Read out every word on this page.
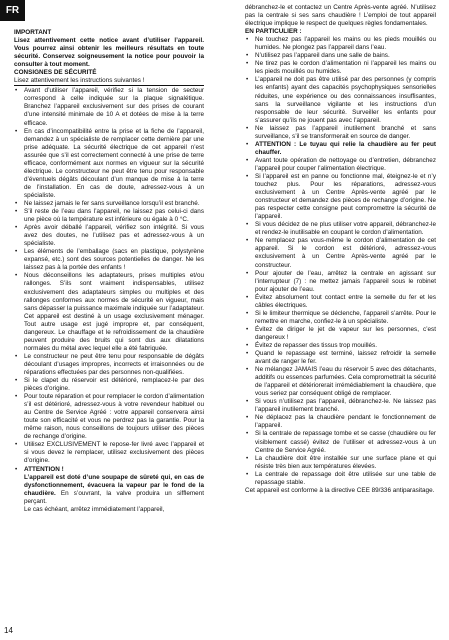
FR

IMPORTANT

Lisez attentivement cette notice avant d’utiliser l’appareil. Vous pourrez ainsi obtenir les meilleurs résultats en toute sécurité. Conservez soigneusement la notice pour pouvoir la consulter à tout moment.

CONSIGNES DE SÉCURITÉ

Lisez attentivement les instructions suivantes !

• Avant d’utiliser l’appareil, vérifiez si la tension de secteur correspond à celle indiquée sur la plaque signalétique. Branchez l’appareil exclusivement sur des prises de courant d’une intensité minimale de 10 A et dotées de mise à la terre efficace.
• En cas d’incompatibilité entre la prise et la fiche de l’appareil, demandez à un spécialiste de remplacer cette dernière par une prise adéquate. La sécurité électrique de cet appareil n’est assurée que s’il est correctement connecté à une prise de terre efficace, conformément aux normes en vigueur sur la sécurité électrique. Le constructeur ne peut être tenu pour responsable d’éventuels dégâts découlant d’un manque de mise à la terre de l’installation. En cas de doute, adressez-vous à un spécialiste.
• Ne laissez jamais le fer sans surveillance lorsqu’il est branché.
• S’il reste de l’eau dans l’appareil, ne laissez pas celui-ci dans une pièce où la température est inférieure ou égale à 0 °C.
• Après avoir déballé l’appareil, vérifiez son intégrité. Si vous avez des doutes, ne l’utilisez pas et adressez-vous à un spécialiste.
• Les éléments de l’emballage (sacs en plastique, polystyrène expansé, etc.) sont des sources potentielles de danger. Ne les laissez pas à la portée des enfants !
• Nous déconseillons les adaptateurs, prises multiples et/ou rallonges. S’ils sont vraiment indispensables, utilisez exclusivement des adaptateurs simples ou multiples et des rallonges conformes aux normes de sécurité en vigueur, mais sans dépasser la puissance maximale indiquée sur l’adaptateur. Cet appareil est destiné à un usage exclusivement ménager. Tout autre usage est jugé impropre et, par conséquent, dangereux. Le chauffage et le refroidissement de la chaudière peuvent produire des bruits qui sont dus aux dilatations normales du métal avec lequel elle a été fabriquée.
• Le constructeur ne peut être tenu pour responsable de dégâts découlant d’usages impropres, incorrects et irraisonnées ou de réparations effectuées par des personnes non-qualifiées.
• Si le clapet du réservoir est détérioré, remplacez-le par des pièces d’origine.
• Pour toute réparation et pour remplacer le cordon d’alimentation s’il est détérioré, adressez-vous à votre revendeur habituel ou au Centre de Service Agréé : votre appareil conservera ainsi toute son efficacité et vous ne perdrez pas la garantie. Pour la même raison, nous conseillons de toujours utiliser des pièces de rechange d’origine.
• Utilisez EXCLUSIVEMENT le repose-fer livré avec l’appareil et si vous devez le remplacer, utilisez exclusivement des pièces d’origine.
• ATTENTION !
L’appareil est doté d’une soupape de sûreté qui, en cas de dysfonctionnement, évacuera la vapeur par le fond de la chaudière. En s’ouvrant, la valve produira un sifflement perçant.
Le cas échéant, arrêtez immédiatement l’appareil,

débranchez-le et contactez un Centre Après-vente agréé. N’utilisez pas la centrale si ses sans chaudière ! L’emploi de tout appareil électrique implique le respect de quelques règles fondamentales.

EN PARTICULIER :

• Ne touchez pas l’appareil les mains ou les pieds mouillés ou humides. Ne plongez pas l’appareil dans l’eau.
• N’utilisez pas l’appareil dans une salle de bains.
• Ne tirez pas le cordon d’alimentation ni l’appareil les mains ou les pieds mouillés ou humides.
• L’appareil ne doit pas être utilisé par des personnes (y compris les enfants) ayant des capacités psychophysiques sensorielles réduites, une expérience ou des connaissances insuffisantes, sans la surveillance vigilante et les instructions d’un responsable de leur sécurité. Surveiller les enfants pour s’assurer qu’ils ne jouent pas avec l’appareil.
• Ne laissez pas l’appareil inutilement branché et sans surveillance, s’il se transformerait en source de danger.
• ATTENTION : Le tuyau qui relie la chaudière au fer peut chauffer.
• Avant toute opération de nettoyage ou d’entretien, débranchez l’appareil pour couper l’alimentation électrique.
• Si l’appareil est en panne ou fonctionne mal, éteignez-le et n’y touchez plus. Pour les réparations, adressez-vous exclusivement à un Centre Après-vente agréé par le constructeur et demandez des pièces de rechange d’origine. Ne pas respecter cette consigne peut compromettre la sécurité de l’appareil.
• Si vous décidez de ne plus utiliser votre appareil, débranchez-le et rendez-le inutilisable en coupant le cordon d’alimentation.
• Ne remplacez pas vous-même le cordon d’alimentation de cet appareil. Si le cordon est détérioré, adressez-vous exclusivement à un Centre Après-vente agréé par le constructeur.
• Pour ajouter de l’eau, arrêtez la centrale en agissant sur l’interrupteur (7) : ne mettez jamais l’appareil sous le robinet pour ajouter de l’eau.
• Évitez absolument tout contact entre la semelle du fer et les câbles électriques.
• Si le limiteur thermique se déclenche, l’appareil s’arrête. Pour le remettre en marche, confiez-le à un spécialiste.
• Évitez de diriger le jet de vapeur sur les personnes, c’est dangereux !
• Évitez de repasser des tissus trop mouillés.
• Quand le repassage est terminé, laissez refroidir la semelle avant de ranger le fer.
• Ne mélangez JAMAIS l’eau du réservoir 5 avec des détachants, additifs ou essences parfumées. Cela compromettrait la sécurité de l’appareil et détériorerait irrémédiablement la chaudière, que vous seriez par conséquent obligé de remplacer.
• Si vous n’utilisez pas l’appareil, débranchez-le. Ne laissez pas l’appareil inutilement branché.
• Ne déplacez pas la chaudière pendant le fonctionnement de l’appareil.
• Si la centrale de repassage tombe et se casse (chaudière ou fer visiblement cassé) évitez de l’utiliser et adressez-vous à un Centre de Service Agréé.
• La chaudière doit être installée sur une surface plane et qui résiste très bien aux températures élevées.
• La centrale de repassage doit être utilisée sur une table de repassage stable.

Cet appareil est conforme à la directive CEE 89/336 antiparasitage.

14
